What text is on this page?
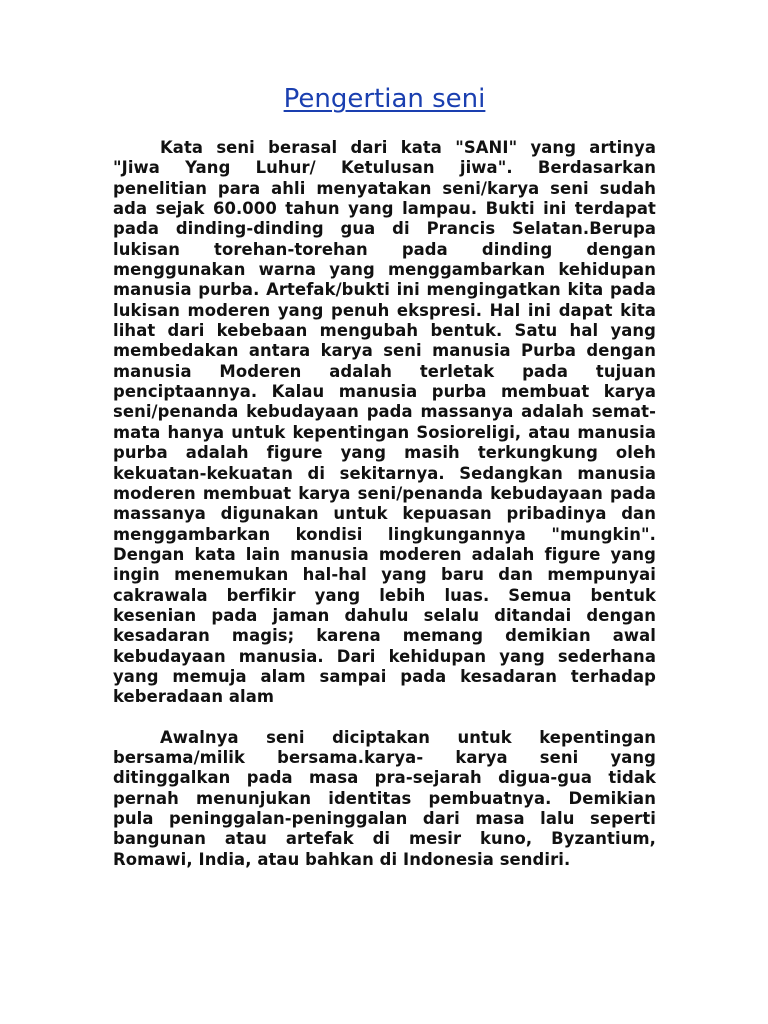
Pengertian seni

Kata seni berasal dari kata "SANI" yang artinya "Jiwa Yang Luhur/ Ketulusan jiwa". Berdasarkan penelitian para ahli menyatakan seni/karya seni sudah ada sejak 60.000 tahun yang lampau. Bukti ini terdapat pada dinding-dinding gua di Prancis Selatan.Berupa lukisan torehan-torehan pada dinding dengan menggunakan warna yang menggambarkan kehidupan manusia purba. Artefak/bukti ini mengingatkan kita pada lukisan moderen yang penuh ekspresi. Hal ini dapat kita lihat dari kebebaan mengubah bentuk. Satu hal yang membedakan antara karya seni manusia Purba dengan manusia Moderen adalah terletak pada tujuan penciptaannya. Kalau manusia purba membuat karya seni/penanda kebudayaan pada massanya adalah semat-mata hanya untuk kepentingan Sosioreligi, atau manusia purba adalah figure yang masih terkungkung oleh kekuatan-kekuatan di sekitarnya. Sedangkan manusia moderen membuat karya seni/penanda kebudayaan pada massanya digunakan untuk kepuasan pribadinya dan menggambarkan kondisi lingkungannya "mungkin". Dengan kata lain manusia moderen adalah figure yang ingin menemukan hal-hal yang baru dan mempunyai cakrawala berfikir yang lebih luas. Semua bentuk kesenian pada jaman dahulu selalu ditandai dengan kesadaran magis; karena memang demikian awal kebudayaan manusia. Dari kehidupan yang sederhana yang memuja alam sampai pada kesadaran terhadap keberadaan alam

Awalnya seni diciptakan untuk kepentingan bersama/milik bersama.karya- karya seni yang ditinggalkan pada masa pra-sejarah digua-gua tidak pernah menunjukan identitas pembuatnya. Demikian pula peninggalan-peninggalan dari masa lalu seperti bangunan atau artefak di mesir kuno, Byzantium, Romawi, India, atau bahkan di Indonesia sendiri.
